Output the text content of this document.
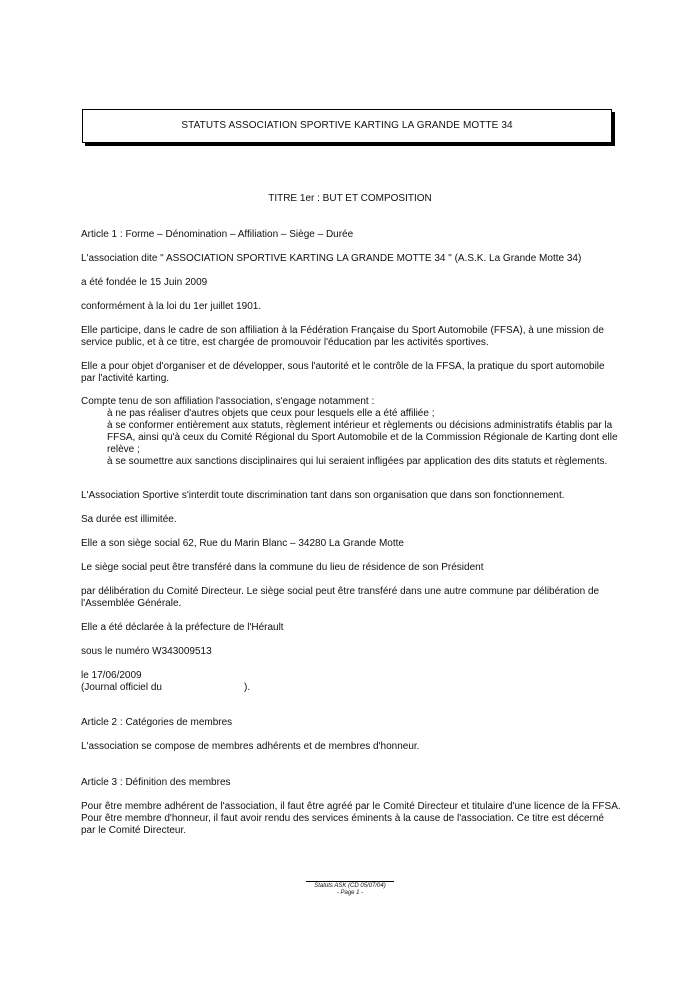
STATUTS ASSOCIATION SPORTIVE KARTING LA GRANDE MOTTE 34
TITRE 1er : BUT ET COMPOSITION

Article 1 : Forme – Dénomination – Affiliation – Siège – Durée

L'association dite " ASSOCIATION SPORTIVE KARTING LA GRANDE MOTTE 34 " (A.S.K. La Grande Motte 34)

a été fondée le 15 Juin 2009

conformément à la loi du 1er juillet 1901.

Elle participe, dans le cadre de son affiliation à la Fédération Française du Sport Automobile (FFSA), à une mission de service public, et à ce titre, est chargée de promouvoir l'éducation par les activités sportives.

Elle a pour objet d'organiser et de développer, sous l'autorité et le contrôle de la FFSA, la pratique du sport automobile par l'activité karting.

Compte tenu de son affiliation l'association, s'engage notamment :
à ne pas réaliser d'autres objets que ceux pour lesquels elle a été affiliée ;
à se conformer entièrement aux statuts, règlement intérieur et règlements ou décisions administratifs établis par la FFSA, ainsi qu'à ceux du Comité Régional du Sport Automobile et de la Commission Régionale de Karting dont elle relève ;
à se soumettre aux sanctions disciplinaires qui lui seraient infligées par application des dits statuts et règlements.

L'Association Sportive s'interdit toute discrimination tant dans son organisation que dans son fonctionnement.

Sa durée est illimitée.

Elle a son siège social 62, Rue du Marin Blanc – 34280 La Grande Motte

Le siège social peut être transféré dans la commune du lieu de résidence de son Président

par délibération du Comité Directeur. Le siège social peut être transféré dans une autre commune par délibération de l'Assemblée Générale.

Elle a été déclarée à la préfecture de l'Hérault

sous le numéro W343009513

le 17/06/2009

(Journal officiel du	).

Article 2 : Catégories de membres

L'association se compose de membres adhérents et de membres d'honneur.

Article 3 : Définition des membres

Pour être membre adhérent de l'association, il faut être agréé par le Comité Directeur et titulaire d'une licence de la FFSA. Pour être membre d'honneur, il faut avoir rendu des services éminents à la cause de l'association. Ce titre est décerné par le Comité Directeur.

Statuts ASK (CD 05/07/04)
- Page 1 -
